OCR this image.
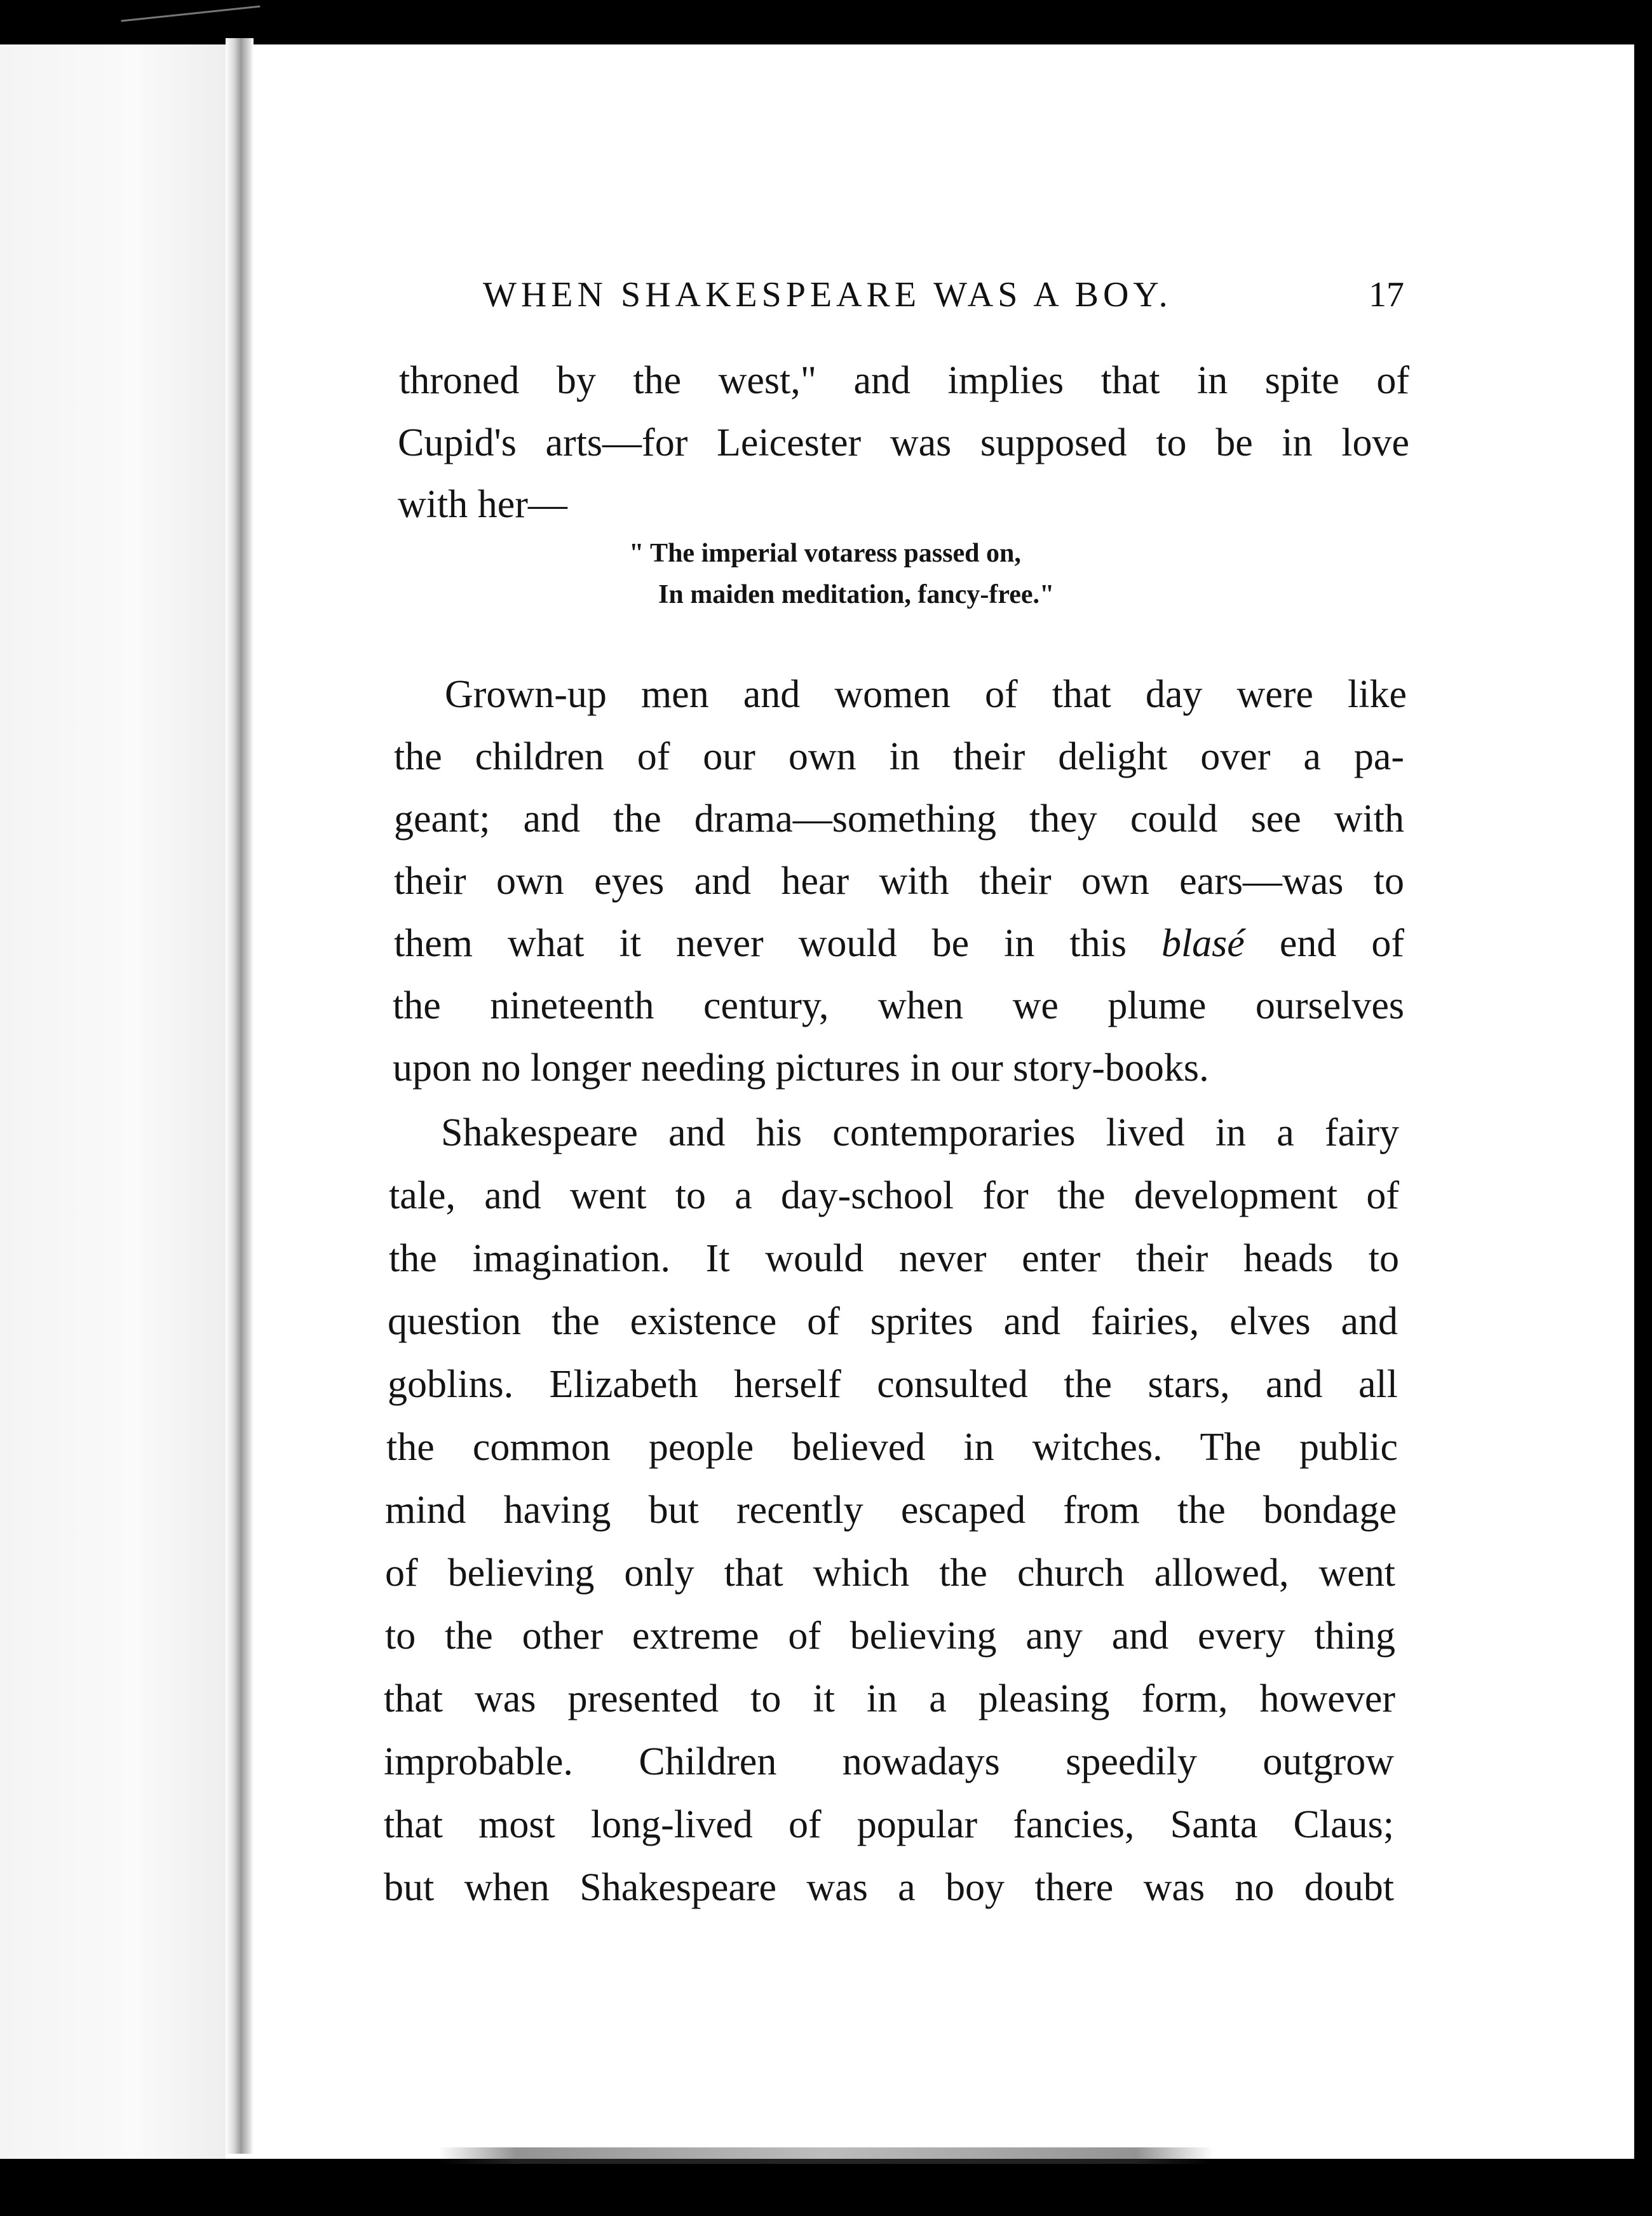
WHEN SHAKESPEARE WAS A BOY.	17
throned by the west," and implies that in spite of
Cupid's arts—for Leicester was supposed to be in love
with her—
" The imperial votaress passed on,
In maiden meditation, fancy-free."
Grown-up men and women of that day were like
the children of our own in their delight over a pa-
geant; and the drama—something they could see with
their own eyes and hear with their own ears—was to
them what it never would be in this blasé end of
the nineteenth century, when we plume ourselves
upon no longer needing pictures in our story-books.
Shakespeare and his contemporaries lived in a fairy
tale, and went to a day-school for the development of
the imagination. It would never enter their heads to
question the existence of sprites and fairies, elves and
goblins. Elizabeth herself consulted the stars, and all
the common people believed in witches. The public
mind having but recently escaped from the bondage
of believing only that which the church allowed, went
to the other extreme of believing any and every thing
that was presented to it in a pleasing form, however
improbable. Children nowadays speedily outgrow
that most long-lived of popular fancies, Santa Claus;
but when Shakespeare was a boy there was no doubt
